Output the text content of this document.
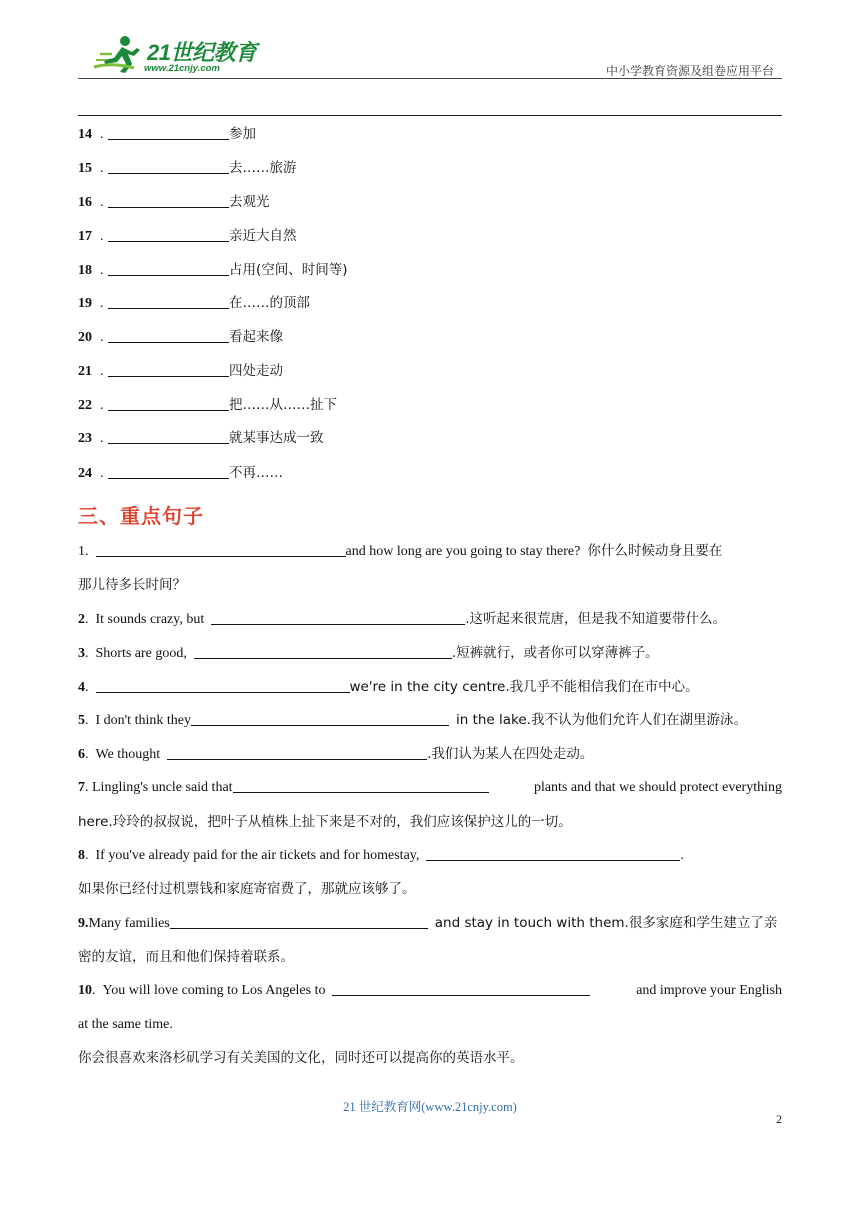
21世纪教育
www.21cnjy.com	中小学教育资源及组卷应用平台
14 .	参加
15 .	去……旅游
16 .	去观光
17 .	亲近大自然
18 .	占用(空间、时间等)
19 .	在……的顶部
20 .	看起来像
21 .	四处走动
22 .	把……从……扯下
23 .	就某事达成一致
24 .	不再……
三、重点句子
1.	and how long are you going to stay there? 你什么时候动身且要在
那儿待多长时间？
2.  It sounds crazy, but	.这听起来很荒唐，但是我不知道要带什么。
3.  Shorts are good,	.短裤就行，或者你可以穿薄裤子。
4.	we're in the city centre.我几乎不能相信我们在市中心。
5.  I don't think they	in the lake.我不认为他们允许人们在湖里游泳。
6.  We thought	.我们认为某人在四处走动。
7. Lingling's uncle said that	plants and that we should protect everything
here.玲玲的叔叔说，把叶子从植株上扯下来是不对的，我们应该保护这儿的一切。
8.  If you've already paid for the air tickets and for homestay,	.
如果你已经付过机票钱和家庭寄宿费了，那就应该够了。
9.Many families	and stay in touch with them.很多家庭和学生建立了亲
密的友谊，而且和他们保持着联系。
10.  You will love coming to Los Angeles to	and improve your English
at the same time.
你会很喜欢来洛杉矶学习有关美国的文化，同时还可以提高你的英语水平。
21 世纪教育网(www.21cnjy.com)
2
